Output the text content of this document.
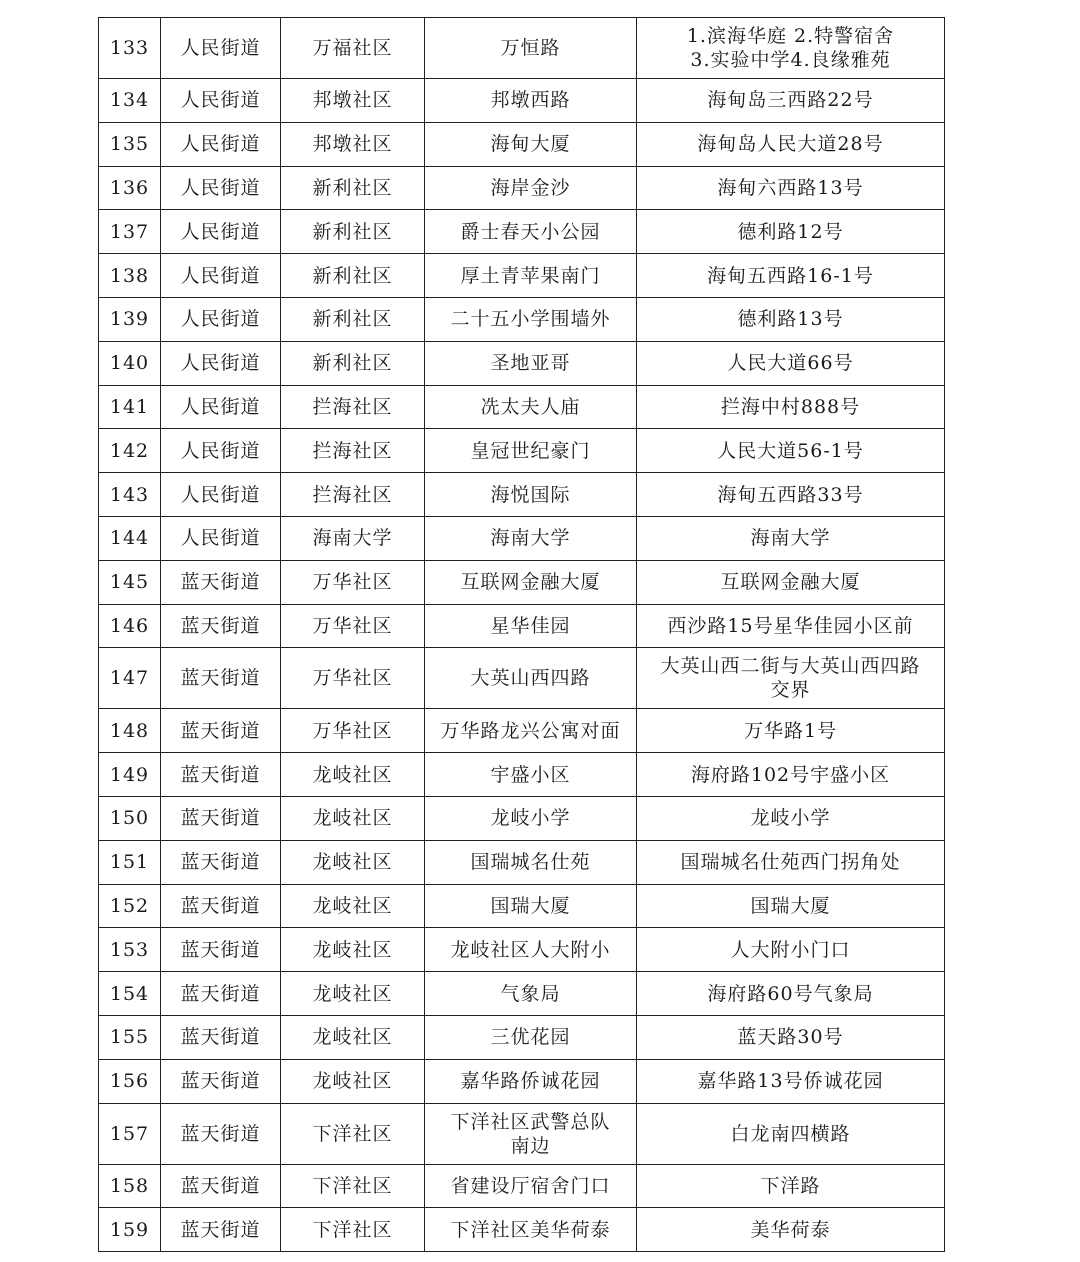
133	人民街道	万福社区	万恒路	1.滨海华庭 2.特警宿舍
3.实验中学4.良缘雅苑
134	人民街道	邦墩社区	邦墩西路	海甸岛三西路22号
135	人民街道	邦墩社区	海甸大厦	海甸岛人民大道28号
136	人民街道	新利社区	海岸金沙	海甸六西路13号
137	人民街道	新利社区	爵士春天小公园	德利路12号
138	人民街道	新利社区	厚土青苹果南门	海甸五西路16-1号
139	人民街道	新利社区	二十五小学围墙外	德利路13号
140	人民街道	新利社区	圣地亚哥	人民大道66号
141	人民街道	拦海社区	冼太夫人庙	拦海中村888号
142	人民街道	拦海社区	皇冠世纪豪门	人民大道56-1号
143	人民街道	拦海社区	海悦国际	海甸五西路33号
144	人民街道	海南大学	海南大学	海南大学
145	蓝天街道	万华社区	互联网金融大厦	互联网金融大厦
146	蓝天街道	万华社区	星华佳园	西沙路15号星华佳园小区前
147	蓝天街道	万华社区	大英山西四路	大英山西二街与大英山西四路
交界
148	蓝天街道	万华社区	万华路龙兴公寓对面	万华路1号
149	蓝天街道	龙岐社区	宇盛小区	海府路102号宇盛小区
150	蓝天街道	龙岐社区	龙岐小学	龙岐小学
151	蓝天街道	龙岐社区	国瑞城名仕苑	国瑞城名仕苑西门拐角处
152	蓝天街道	龙岐社区	国瑞大厦	国瑞大厦
153	蓝天街道	龙岐社区	龙岐社区人大附小	人大附小门口
154	蓝天街道	龙岐社区	气象局	海府路60号气象局
155	蓝天街道	龙岐社区	三优花园	蓝天路30号
156	蓝天街道	龙岐社区	嘉华路侨诚花园	嘉华路13号侨诚花园
157	蓝天街道	下洋社区	下洋社区武警总队
南边	白龙南四横路
158	蓝天街道	下洋社区	省建设厅宿舍门口	下洋路
159	蓝天街道	下洋社区	下洋社区美华荷泰	美华荷泰
